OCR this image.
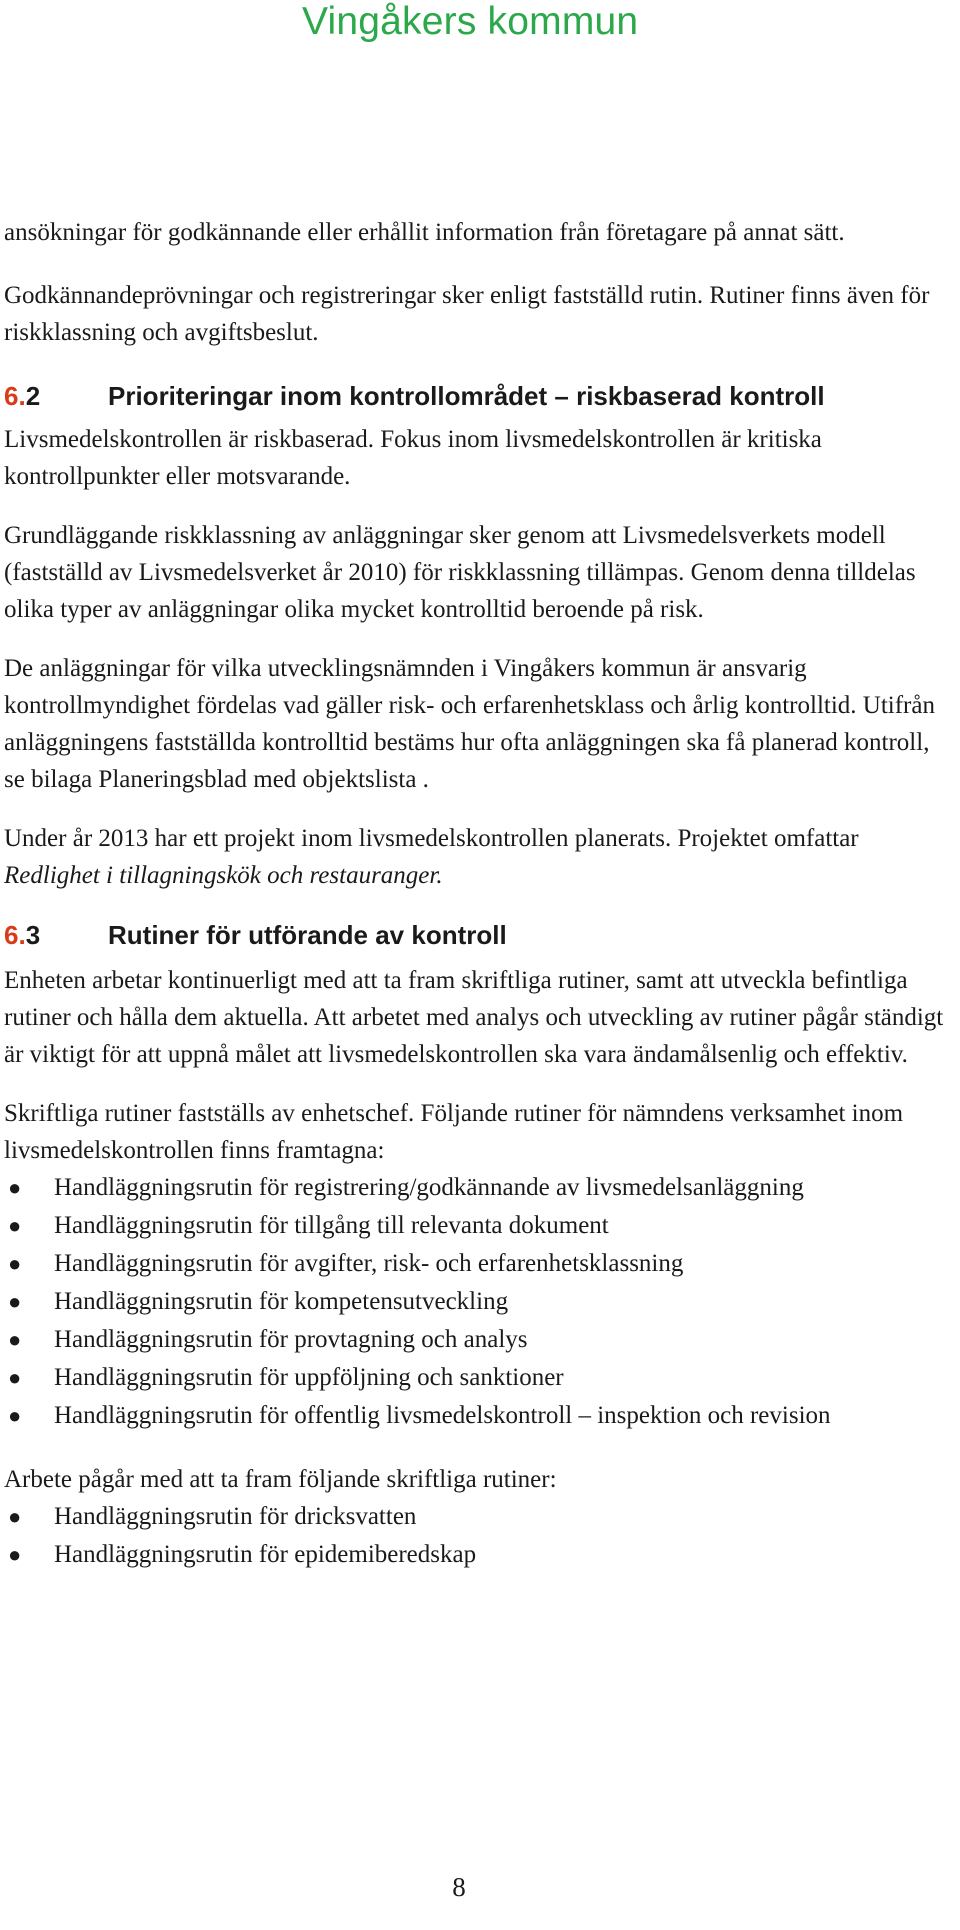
Vingåkers kommun

ansökningar för godkännande eller erhållit information från företagare på annat sätt.

Godkännandeprövningar och registreringar sker enligt fastställd rutin. Rutiner finns även för riskklassning och avgiftsbeslut.

6.2	Prioriteringar inom kontrollområdet – riskbaserad kontroll

Livsmedelskontrollen är riskbaserad. Fokus inom livsmedelskontrollen är kritiska kontrollpunkter eller motsvarande.

Grundläggande riskklassning av anläggningar sker genom att Livsmedelsverkets modell (fastställd av Livsmedelsverket år 2010) för riskklassning tillämpas. Genom denna tilldelas olika typer av anläggningar olika mycket kontrolltid beroende på risk.

De anläggningar för vilka utvecklingsnämnden i Vingåkers kommun är ansvarig kontrollmyndighet fördelas vad gäller risk- och erfarenhetsklass och årlig kontrolltid. Utifrån anläggningens fastställda kontrolltid bestäms hur ofta anläggningen ska få planerad kontroll, se bilaga Planeringsblad med objektslista .

Under år 2013 har ett projekt inom livsmedelskontrollen planerats. Projektet omfattar Redlighet i tillagningskök och restauranger.

6.3	Rutiner för utförande av kontroll

Enheten arbetar kontinuerligt med att ta fram skriftliga rutiner, samt att utveckla befintliga rutiner och hålla dem aktuella. Att arbetet med analys och utveckling av rutiner pågår ständigt är viktigt för att uppnå målet att livsmedelskontrollen ska vara ändamålsenlig och effektiv.

Skriftliga rutiner fastställs av enhetschef. Följande rutiner för nämndens verksamhet inom livsmedelskontrollen finns framtagna:

●	Handläggningsrutin för registrering/godkännande av livsmedelsanläggning
●	Handläggningsrutin för tillgång till relevanta dokument
●	Handläggningsrutin för avgifter, risk- och erfarenhetsklassning
●	Handläggningsrutin för kompetensutveckling
●	Handläggningsrutin för provtagning och analys
●	Handläggningsrutin för uppföljning och sanktioner
●	Handläggningsrutin för offentlig livsmedelskontroll – inspektion och revision

Arbete pågår med att ta fram följande skriftliga rutiner:

●	Handläggningsrutin för dricksvatten
●	Handläggningsrutin för epidemiberedskap
8
